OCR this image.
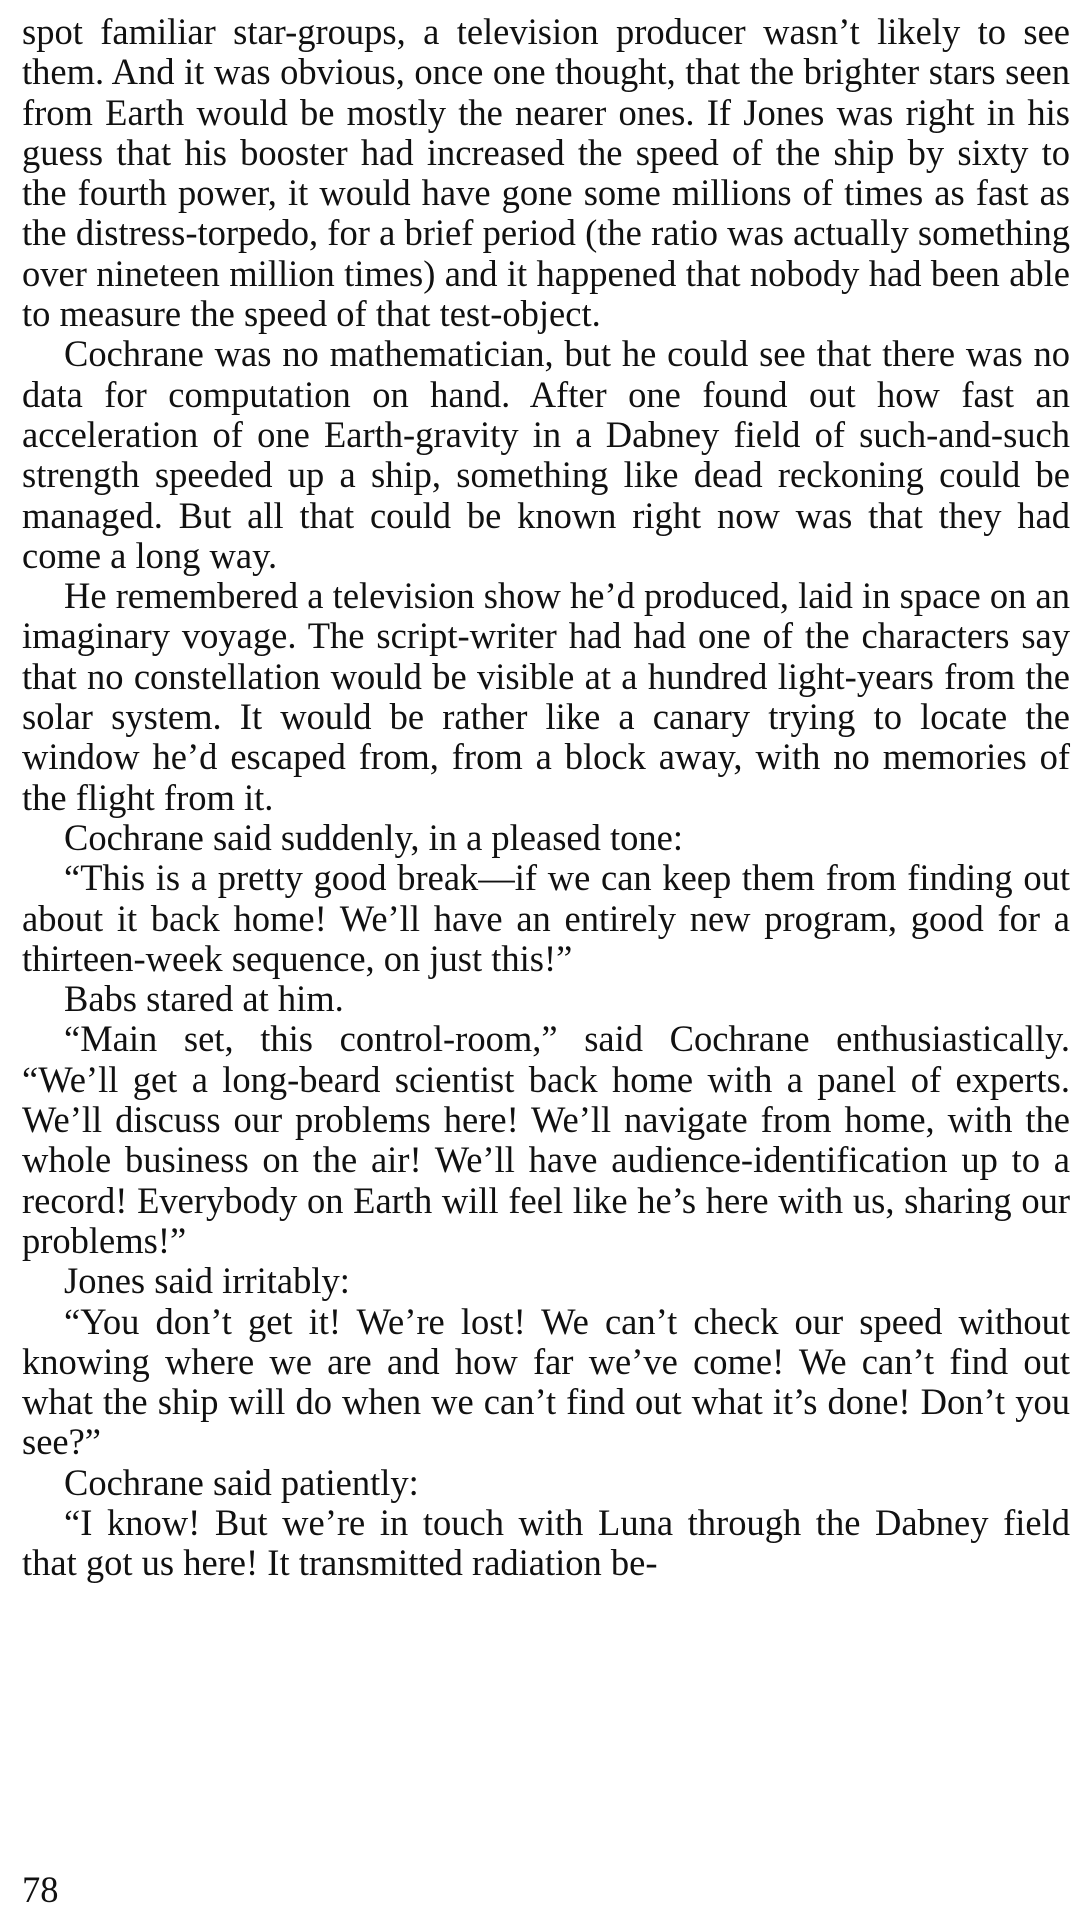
spot familiar star-groups, a television producer wasn’t likely to see them. And it was obvious, once one thought, that the brighter stars seen from Earth would be mostly the nearer ones. If Jones was right in his guess that his booster had increased the speed of the ship by sixty to the fourth power, it would have gone some millions of times as fast as the distress-torpedo, for a brief period (the ratio was actually something over nineteen million times) and it happened that nobody had been able to measure the speed of that test-object.

Cochrane was no mathematician, but he could see that there was no data for computation on hand. After one found out how fast an acceleration of one Earth-gravity in a Dabney field of such-and-such strength speeded up a ship, something like dead reckoning could be managed. But all that could be known right now was that they had come a long way.

He remembered a television show he’d produced, laid in space on an imaginary voyage. The script-writer had had one of the characters say that no constellation would be visible at a hundred light-years from the solar system. It would be rather like a canary trying to locate the window he’d escaped from, from a block away, with no memories of the flight from it.

Cochrane said suddenly, in a pleased tone:

“This is a pretty good break—if we can keep them from finding out about it back home! We’ll have an entirely new program, good for a thirteen-week sequence, on just this!”

Babs stared at him.

“Main set, this control-room,” said Cochrane enthusiastically. “We’ll get a long-beard scientist back home with a panel of experts. We’ll discuss our problems here! We’ll navigate from home, with the whole business on the air! We’ll have audience-identification up to a record! Everybody on Earth will feel like he’s here with us, sharing our problems!”

Jones said irritably:

“You don’t get it! We’re lost! We can’t check our speed without knowing where we are and how far we’ve come! We can’t find out what the ship will do when we can’t find out what it’s done! Don’t you see?”

Cochrane said patiently:

“I know! But we’re in touch with Luna through the Dabney field that got us here! It transmitted radiation be-

78
